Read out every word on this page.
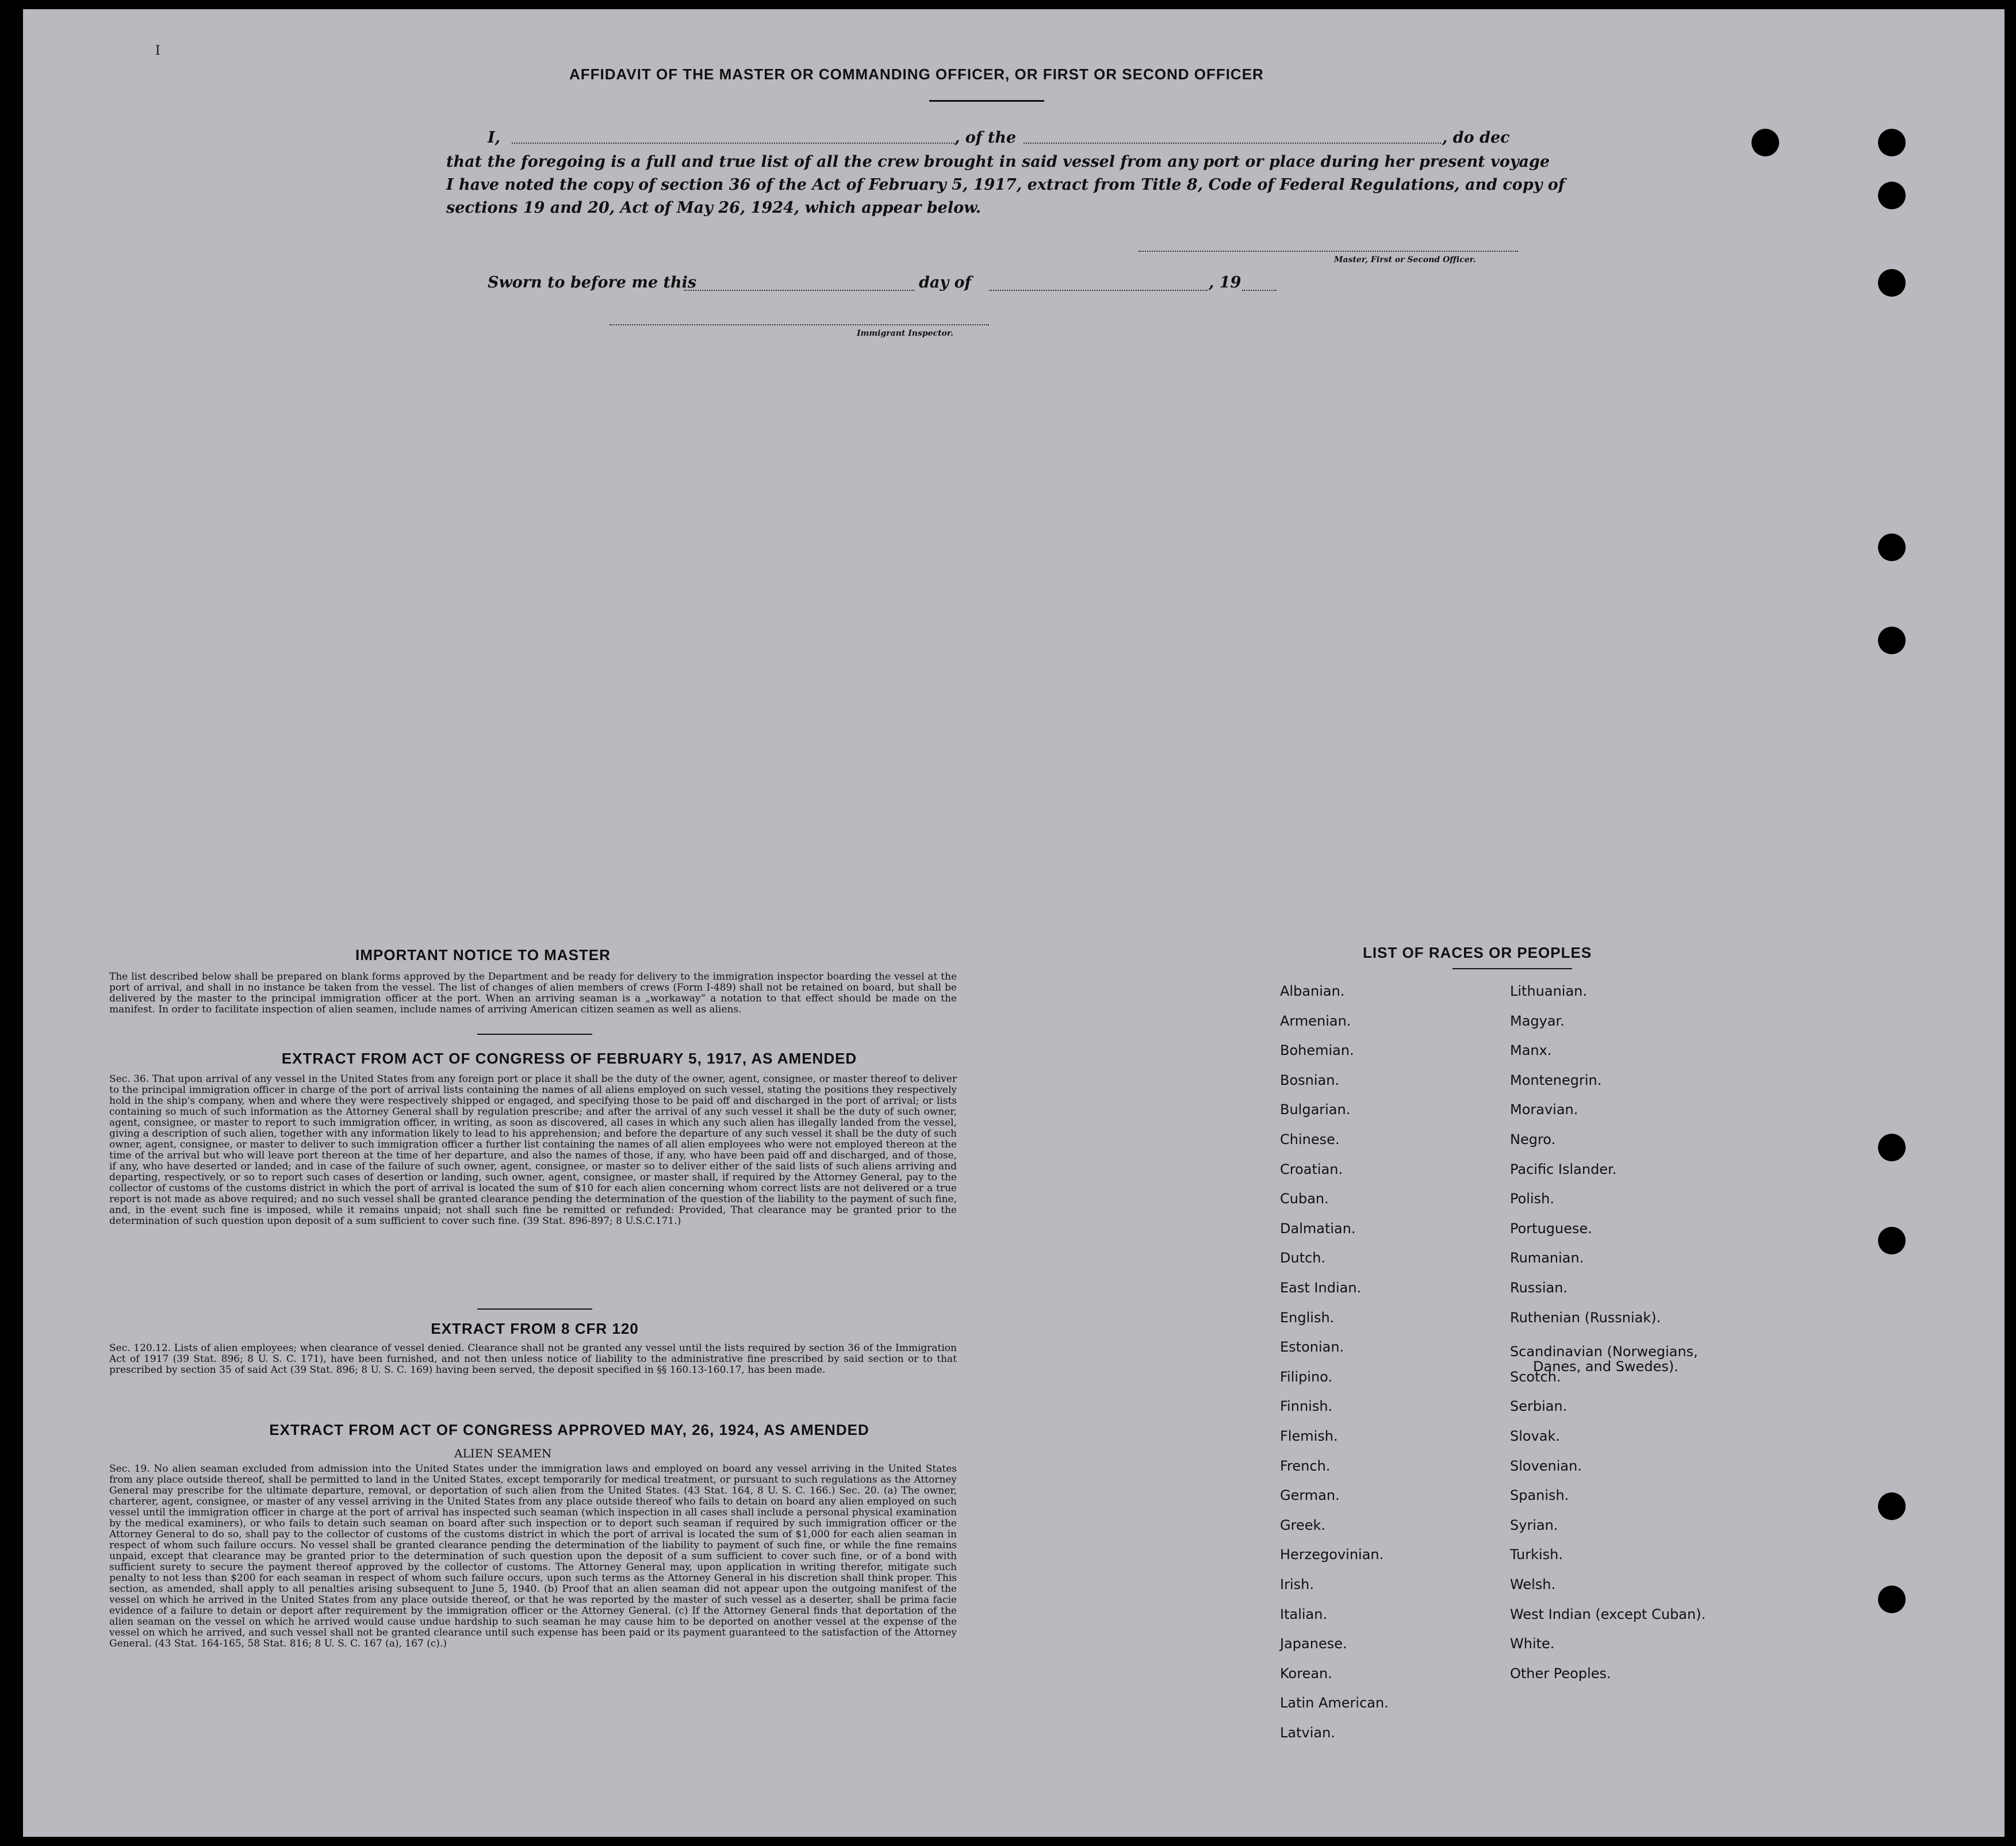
I
AFFIDAVIT OF THE MASTER OR COMMANDING OFFICER, OR FIRST OR SECOND OFFICER
I,	, of the	, do dec
that the foregoing is a full and true list of all the crew brought in said vessel from any port or place during her present voyage
I have noted the copy of section 36 of the Act of February 5, 1917, extract from Title 8, Code of Federal Regulations, and copy of
sections 19 and 20, Act of May 26, 1924, which appear below.
Master, First or Second Officer.
Sworn to before me this	day of	, 19
Immigrant Inspector.
IMPORTANT NOTICE TO MASTER
The list described below shall be prepared on blank forms approved by the Department and be ready for delivery to the immigration inspector boarding the vessel at the port of arrival, and shall in no instance be taken from the vessel. The list of changes of alien members of crews (Form I-489) shall not be retained on board, but shall be delivered by the master to the principal immigration officer at the port. When an arriving seaman is a „workaway” a notation to that effect should be made on the manifest. In order to facilitate inspection of alien seamen, include names of arriving American citizen seamen as well as aliens.
EXTRACT FROM ACT OF CONGRESS OF FEBRUARY 5, 1917, AS AMENDED
Sec. 36. That upon arrival of any vessel in the United States from any foreign port or place it shall be the duty of the owner, agent, consignee, or master thereof to deliver to the principal immigration officer in charge of the port of arrival lists containing the names of all aliens employed on such vessel, stating the positions they respectively hold in the ship's company, when and where they were respectively shipped or engaged, and specifying those to be paid off and discharged in the port of arrival; or lists containing so much of such information as the Attorney General shall by regulation prescribe; and after the arrival of any such vessel it shall be the duty of such owner, agent, consignee, or master to report to such immigration officer, in writing, as soon as discovered, all cases in which any such alien has illegally landed from the vessel, giving a description of such alien, together with any information likely to lead to his apprehension; and before the departure of any such vessel it shall be the duty of such owner, agent, consignee, or master to deliver to such immigration officer a further list containing the names of all alien employees who were not employed thereon at the time of the arrival but who will leave port thereon at the time of her departure, and also the names of those, if any, who have been paid off and discharged, and of those, if any, who have deserted or landed; and in case of the failure of such owner, agent, consignee, or master so to deliver either of the said lists of such aliens arriving and departing, respectively, or so to report such cases of desertion or landing, such owner, agent, consignee, or master shall, if required by the Attorney General, pay to the collector of customs of the customs district in which the port of arrival is located the sum of $10 for each alien concerning whom correct lists are not delivered or a true report is not made as above required; and no such vessel shall be granted clearance pending the determination of the question of the liability to the payment of such fine, and, in the event such fine is imposed, while it remains unpaid; not shall such fine be remitted or refunded: Provided, That clearance may be granted prior to the determination of such question upon deposit of a sum sufficient to cover such fine. (39 Stat. 896-897; 8 U.S.C.171.)
EXTRACT FROM 8 CFR 120
Sec. 120.12. Lists of alien employees; when clearance of vessel denied. Clearance shall not be granted any vessel until the lists required by section 36 of the Immigration Act of 1917 (39 Stat. 896; 8 U. S. C. 171), have been furnished, and not then unless notice of liability to the administrative fine prescribed by said section or to that prescribed by section 35 of said Act (39 Stat. 896; 8 U. S. C. 169) having been served, the deposit specified in §§ 160.13-160.17, has been made.
EXTRACT FROM ACT OF CONGRESS APPROVED MAY, 26, 1924, AS AMENDED
ALIEN SEAMEN
Sec. 19. No alien seaman excluded from admission into the United States under the immigration laws and employed on board any vessel arriving in the United States from any place outside thereof, shall be permitted to land in the United States, except temporarily for medical treatment, or pursuant to such regulations as the Attorney General may prescribe for the ultimate departure, removal, or deportation of such alien from the United States. (43 Stat. 164, 8 U. S. C. 166.) Sec. 20. (a) The owner, charterer, agent, consignee, or master of any vessel arriving in the United States from any place outside thereof who fails to detain on board any alien employed on such vessel until the immigration officer in charge at the port of arrival has inspected such seaman (which inspection in all cases shall include a personal physical examination by the medical examiners), or who fails to detain such seaman on board after such inspection or to deport such seaman if required by such immigration officer or the Attorney General to do so, shall pay to the collector of customs of the customs district in which the port of arrival is located the sum of $1,000 for each alien seaman in respect of whom such failure occurs. No vessel shall be granted clearance pending the determination of the liability to payment of such fine, or while the fine remains unpaid, except that clearance may be granted prior to the determination of such question upon the deposit of a sum sufficient to cover such fine, or of a bond with sufficient surety to secure the payment thereof approved by the collector of customs. The Attorney General may, upon application in writing therefor, mitigate such penalty to not less than $200 for each seaman in respect of whom such failure occurs, upon such terms as the Attorney General in his discretion shall think proper. This section, as amended, shall apply to all penalties arising subsequent to June 5, 1940. (b) Proof that an alien seaman did not appear upon the outgoing manifest of the vessel on which he arrived in the United States from any place outside thereof, or that he was reported by the master of such vessel as a deserter, shall be prima facie evidence of a failure to detain or deport after requirement by the immigration officer or the Attorney General. (c) If the Attorney General finds that deportation of the alien seaman on the vessel on which he arrived would cause undue hardship to such seaman he may cause him to be deported on another vessel at the expense of the vessel on which he arrived, and such vessel shall not be granted clearance until such expense has been paid or its payment guaranteed to the satisfaction of the Attorney General. (43 Stat. 164-165, 58 Stat. 816; 8 U. S. C. 167 (a), 167 (c).)
LIST OF RACES OR PEOPLES
Albanian.
Armenian.
Bohemian.
Bosnian.
Bulgarian.
Chinese.
Croatian.
Cuban.
Dalmatian.
Dutch.
East Indian.
English.
Estonian.
Filipino.
Finnish.
Flemish.
French.
German.
Greek.
Herzegovinian.
Irish.
Italian.
Japanese.
Korean.
Latin American.
Latvian.
Lithuanian.
Magyar.
Manx.
Montenegrin.
Moravian.
Negro.
Pacific Islander.
Polish.
Portuguese.
Rumanian.
Russian.
Ruthenian (Russniak).
Scandinavian (Norwegians,
Danes, and Swedes).
Scotch.
Serbian.
Slovak.
Slovenian.
Spanish.
Syrian.
Turkish.
Welsh.
West Indian (except Cuban).
White.
Other Peoples.
